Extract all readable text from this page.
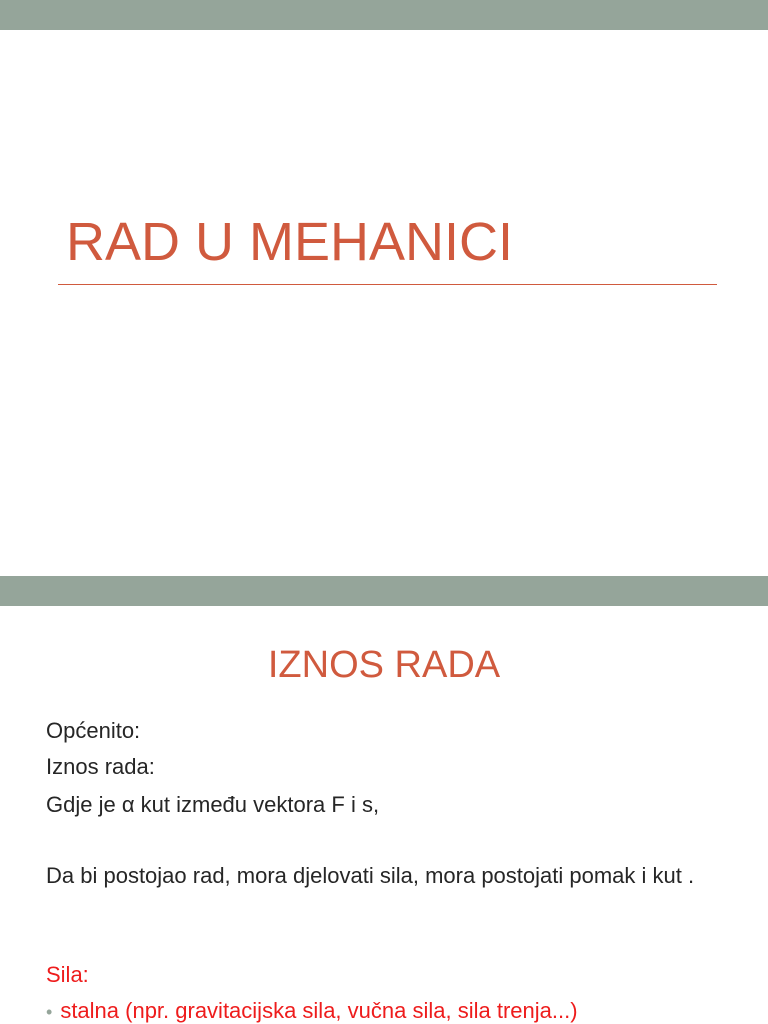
RAD U MEHANICI
IZNOS RADA
Općenito:
Iznos rada:
Gdje je α kut između vektora F i s,
Da bi postojao rad, mora djelovati sila, mora postojati pomak i kut .
Sila:
• stalna (npr. gravitacijska sila, vučna sila, sila trenja...)
